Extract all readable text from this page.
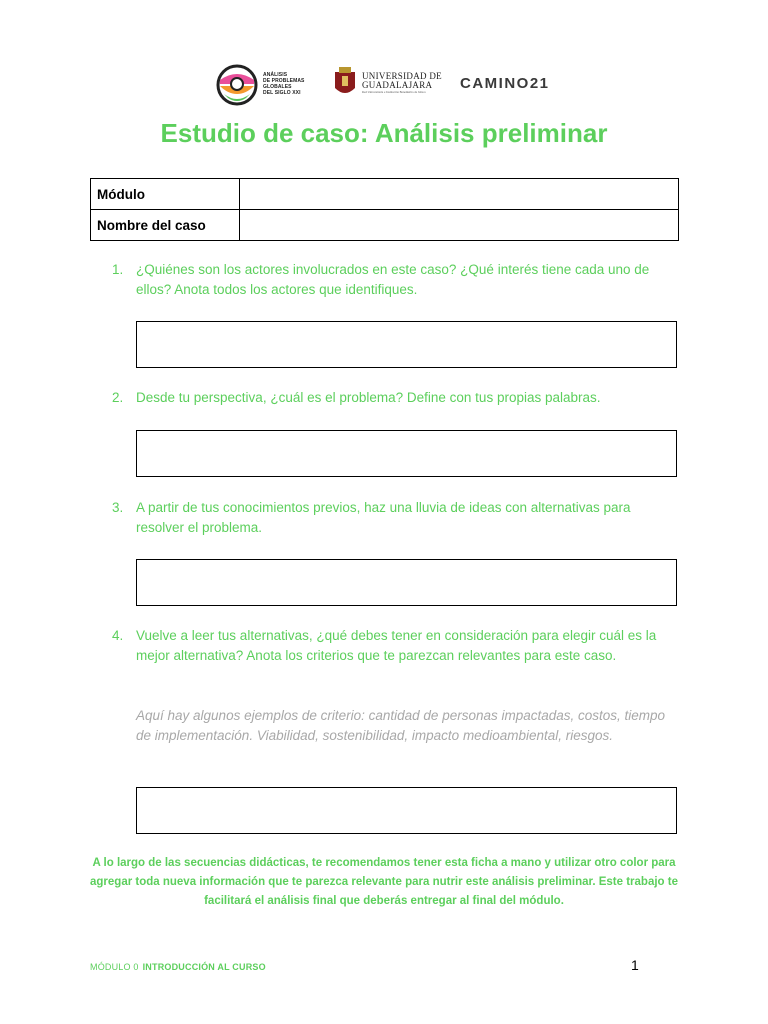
ANÁLISIS
DE PROBLEMAS
GLOBALES
DEL SIGLO XXI
UNIVERSIDAD DE
GUADALAJARA
Red Universitaria e Institución Benemérita de Jalisco	CAMINO21
Estudio de caso: Análisis preliminar
Módulo	
Nombre del caso	
1. ¿Quiénes son los actores involucrados en este caso? ¿Qué interés tiene cada uno de ellos? Anota todos los actores que identifiques.
2. Desde tu perspectiva, ¿cuál es el problema? Define con tus propias palabras.
3. A partir de tus conocimientos previos, haz una lluvia de ideas con alternativas para resolver el problema.
4. Vuelve a leer tus alternativas, ¿qué debes tener en consideración para elegir cuál es la mejor alternativa? Anota los criterios que te parezcan relevantes para este caso.
Aquí hay algunos ejemplos de criterio: cantidad de personas impactadas, costos, tiempo de implementación. Viabilidad, sostenibilidad, impacto medioambiental, riesgos.
A lo largo de las secuencias didácticas, te recomendamos tener esta ficha a mano y utilizar otro color para agregar toda nueva información que te parezca relevante para nutrir este análisis preliminar. Este trabajo te facilitará el análisis final que deberás entregar al final del módulo.
MÓDULO 0 INTRODUCCIÓN AL CURSO	1
